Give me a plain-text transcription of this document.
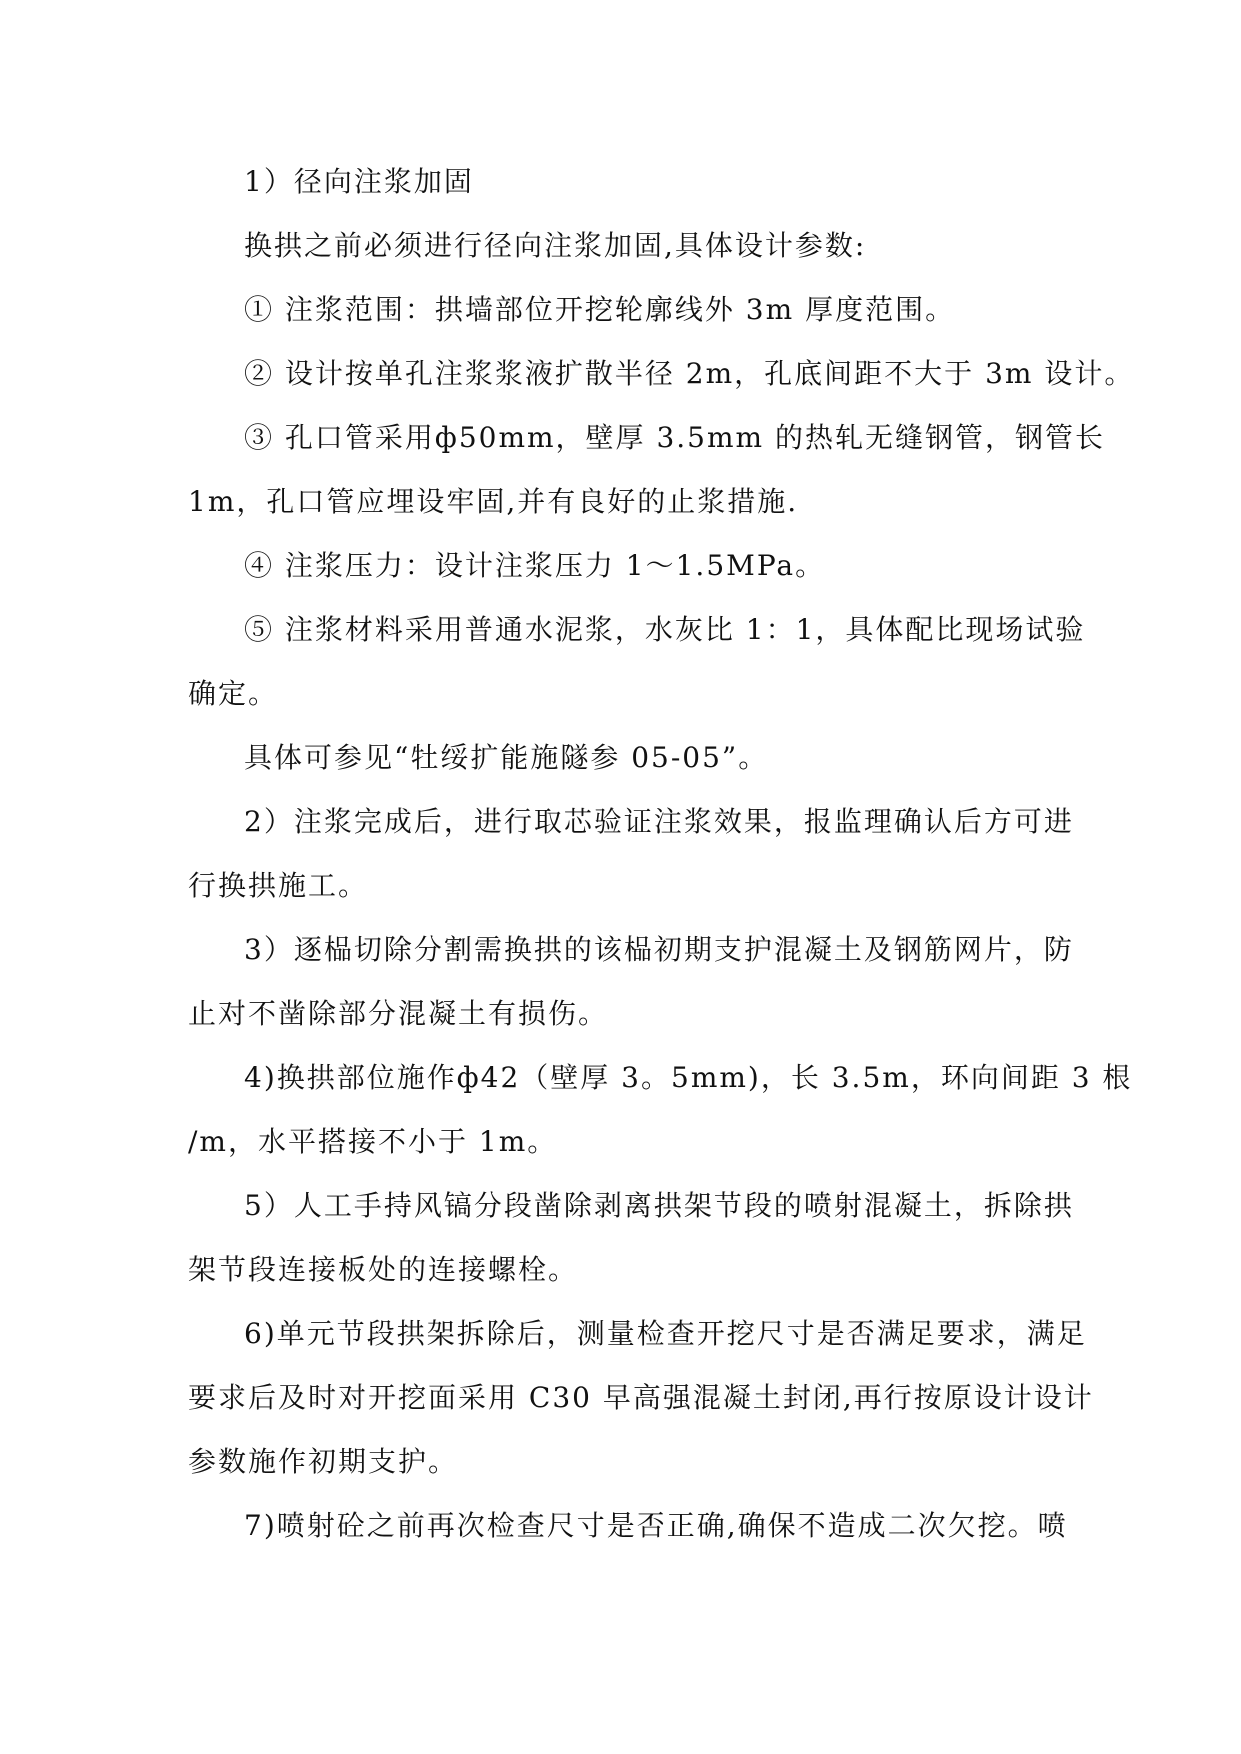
1）径向注浆加固
换拱之前必须进行径向注浆加固,具体设计参数:
① 注浆范围：拱墙部位开挖轮廓线外 3m 厚度范围。
② 设计按单孔注浆浆液扩散半径 2m，孔底间距不大于 3m 设计。
③ 孔口管采用ф50mm，壁厚 3.5mm 的热轧无缝钢管，钢管长
1m，孔口管应埋设牢固,并有良好的止浆措施.
④ 注浆压力：设计注浆压力 1～1.5MPa。
⑤ 注浆材料采用普通水泥浆，水灰比 1：1，具体配比现场试验
确定。
具体可参见“牡绥扩能施隧参 05-05”。
2）注浆完成后，进行取芯验证注浆效果，报监理确认后方可进
行换拱施工。
3）逐榀切除分割需换拱的该榀初期支护混凝土及钢筋网片，防
止对不凿除部分混凝土有损伤。
4)换拱部位施作ф42（壁厚 3。5mm)，长 3.5m，环向间距 3 根
/m，水平搭接不小于 1m。
5）人工手持风镐分段凿除剥离拱架节段的喷射混凝土，拆除拱
架节段连接板处的连接螺栓。
6)单元节段拱架拆除后，测量检查开挖尺寸是否满足要求，满足
要求后及时对开挖面采用 C30 早高强混凝土封闭,再行按原设计设计
参数施作初期支护。
7)喷射砼之前再次检查尺寸是否正确,确保不造成二次欠挖。喷
